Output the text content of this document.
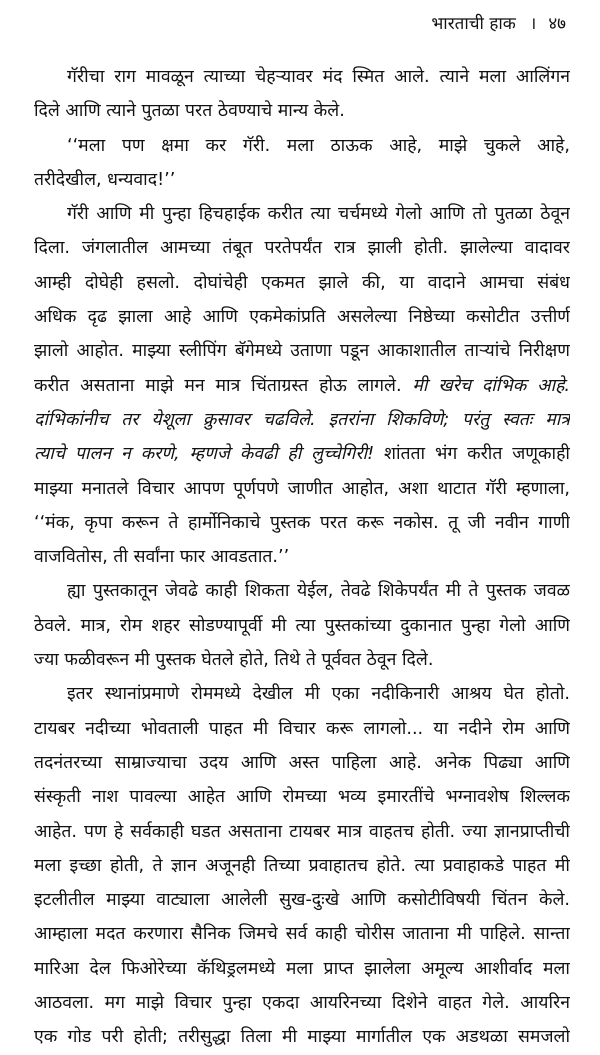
भारताची हाक । ४७
गॅरीचा राग मावळून त्याच्या चेहऱ्यावर मंद स्मित आले. त्याने मला आलिंगन
दिले आणि त्याने पुतळा परत ठेवण्याचे मान्य केले.
‘‘मला पण क्षमा कर गॅरी. मला ठाऊक आहे, माझे चुकले आहे,
तरीदेखील, धन्यवाद!’’
गॅरी आणि मी पुन्हा हिचहाईक करीत त्या चर्चमध्ये गेलो आणि तो पुतळा ठेवून
दिला. जंगलातील आमच्या तंबूत परतेपर्यंत रात्र झाली होती. झालेल्या वादावर
आम्ही दोघेही हसलो. दोघांचेही एकमत झाले की, या वादाने आमचा संबंध
अधिक दृढ झाला आहे आणि एकमेकांप्रति असलेल्या निष्ठेच्या कसोटीत उत्तीर्ण
झालो आहोत. माझ्या स्लीपिंग बॅगेमध्ये उताणा पडून आकाशातील ताऱ्यांचे निरीक्षण
करीत असताना माझे मन मात्र चिंताग्रस्त होऊ लागले. मी खरेच दांभिक आहे.
दांभिकांनीच तर येशूला क्रुसावर चढविले. इतरांना शिकविणे; परंतु स्वतः मात्र
त्याचे पालन न करणे, म्हणजे केवढी ही लुच्चेगिरी! शांतता भंग करीत जणूकाही
माझ्या मनातले विचार आपण पूर्णपणे जाणीत आहोत, अशा थाटात गॅरी म्हणाला,
‘‘मंक, कृपा करून ते हार्मोनिकाचे पुस्तक परत करू नकोस. तू जी नवीन गाणी
वाजवितोस, ती सर्वांना फार आवडतात.’’
ह्या पुस्तकातून जेवढे काही शिकता येईल, तेवढे शिकेपर्यंत मी ते पुस्तक जवळ
ठेवले. मात्र, रोम शहर सोडण्यापूर्वी मी त्या पुस्तकांच्या दुकानात पुन्हा गेलो आणि
ज्या फळीवरून मी पुस्तक घेतले होते, तिथे ते पूर्ववत ठेवून दिले.
इतर स्थानांप्रमाणे रोममध्ये देखील मी एका नदीकिनारी आश्रय घेत होतो.
टायबर नदीच्या भोवताली पाहत मी विचार करू लागलो... या नदीने रोम आणि
तदनंतरच्या साम्राज्याचा उदय आणि अस्त पाहिला आहे. अनेक पिढ्या आणि
संस्कृती नाश पावल्या आहेत आणि रोमच्या भव्य इमारतींचे भग्नावशेष शिल्लक
आहेत. पण हे सर्वकाही घडत असताना टायबर मात्र वाहतच होती. ज्या ज्ञानप्राप्तीची
मला इच्छा होती, ते ज्ञान अजूनही तिच्या प्रवाहातच होते. त्या प्रवाहाकडे पाहत मी
इटलीतील माझ्या वाट्याला आलेली सुख-दुःखे आणि कसोटीविषयी चिंतन केले.
आम्हाला मदत करणारा सैनिक जिमचे सर्व काही चोरीस जाताना मी पाहिले. सान्ता
मारिआ देल फिओरेच्या कॅथिड्रलमध्ये मला प्राप्त झालेला अमूल्य आशीर्वाद मला
आठवला. मग माझे विचार पुन्हा एकदा आयरिनच्या दिशेने वाहत गेले. आयरिन
एक गोड परी होती; तरीसुद्धा तिला मी माझ्या मार्गातील एक अडथळा समजलो
